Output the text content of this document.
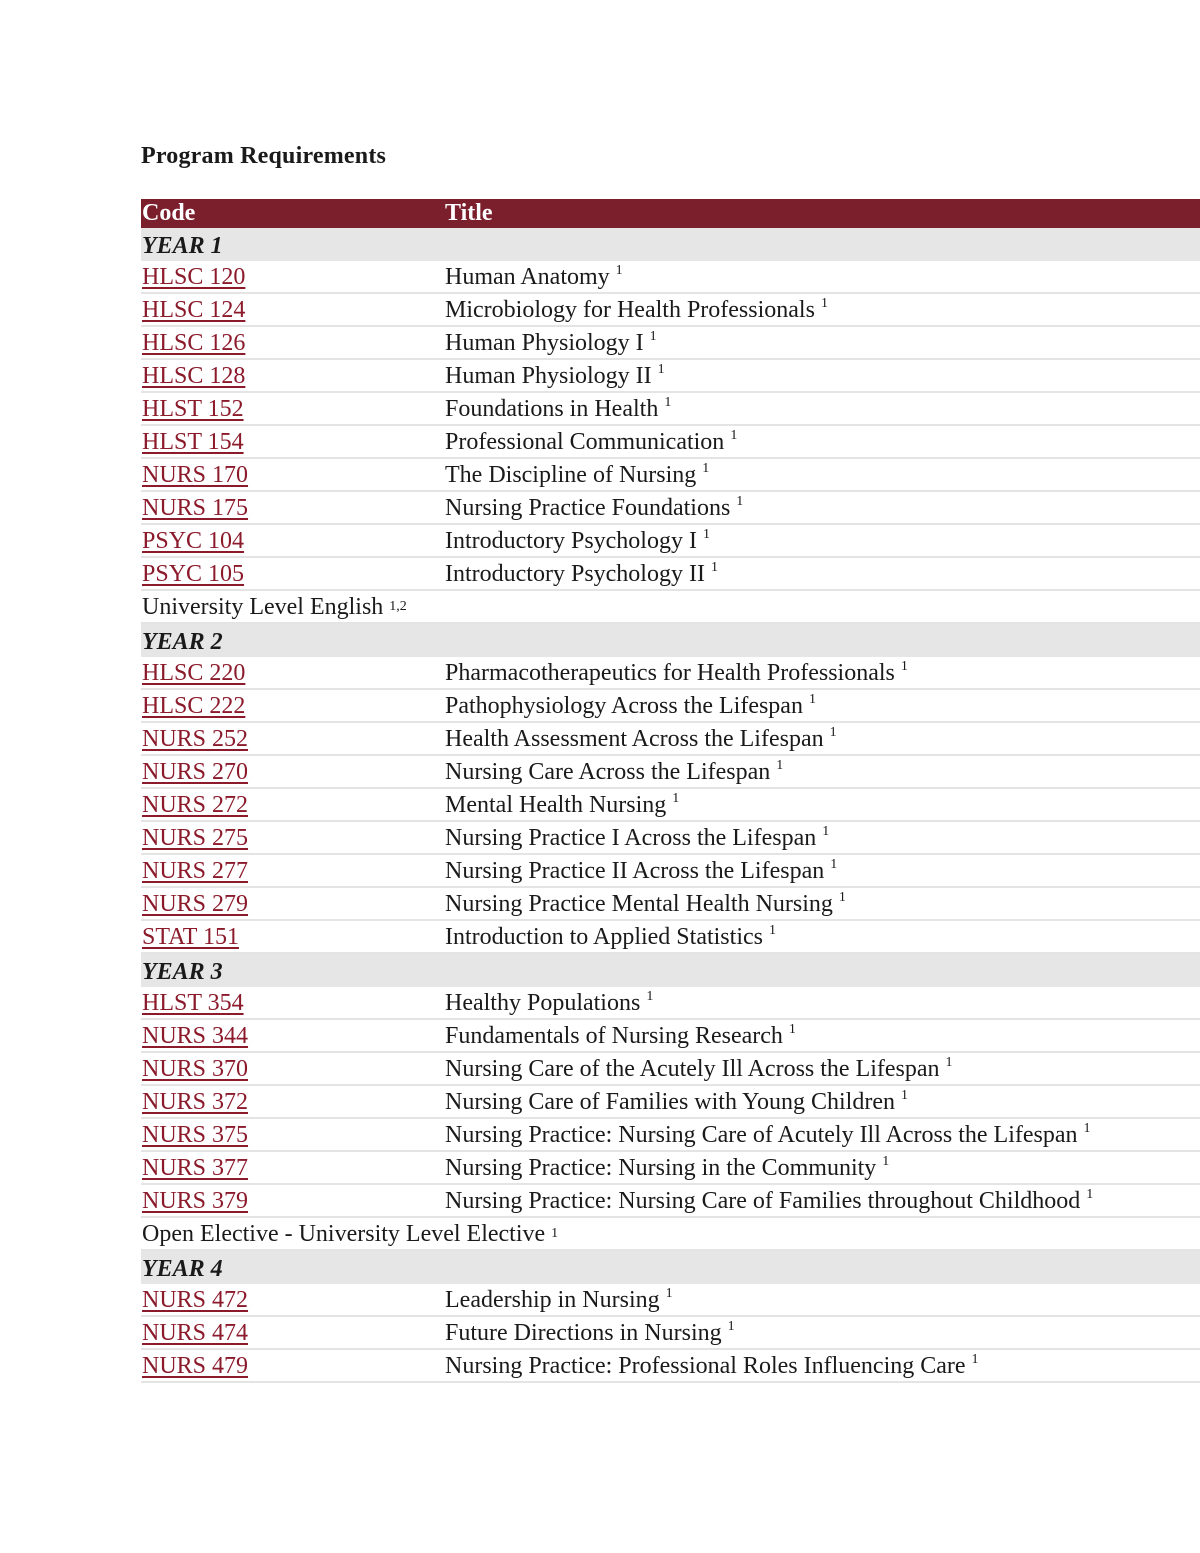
Program Requirements
Code	Title
YEAR 1
HLSC 120	Human Anatomy $^1$
HLSC 124	Microbiology for Health Professionals $^1$
HLSC 126	Human Physiology I $^1$
HLSC 128	Human Physiology II $^1$
HLST 152	Foundations in Health $^1$
HLST 154	Professional Communication $^1$
NURS 170	The Discipline of Nursing $^1$
NURS 175	Nursing Practice Foundations $^1$
PSYC 104	Introductory Psychology I $^1$
PSYC 105	Introductory Psychology II $^1$
University Level English 1,2
YEAR 2
HLSC 220	Pharmacotherapeutics for Health Professionals $^1$
HLSC 222	Pathophysiology Across the Lifespan $^1$
NURS 252	Health Assessment Across the Lifespan $^1$
NURS 270	Nursing Care Across the Lifespan $^1$
NURS 272	Mental Health Nursing $^1$
NURS 275	Nursing Practice I Across the Lifespan $^1$
NURS 277	Nursing Practice II Across the Lifespan $^1$
NURS 279	Nursing Practice Mental Health Nursing $^1$
STAT 151	Introduction to Applied Statistics $^1$
YEAR 3
HLST 354	Healthy Populations $^1$
NURS 344	Fundamentals of Nursing Research $^1$
NURS 370	Nursing Care of the Acutely Ill Across the Lifespan $^1$
NURS 372	Nursing Care of Families with Young Children $^1$
NURS 375	Nursing Practice: Nursing Care of Acutely Ill Across the Lifespan $^1$
NURS 377	Nursing Practice: Nursing in the Community $^1$
NURS 379	Nursing Practice: Nursing Care of Families throughout Childhood $^1$
Open Elective - University Level Elective 1
YEAR 4
NURS 472	Leadership in Nursing $^1$
NURS 474	Future Directions in Nursing $^1$
NURS 479	Nursing Practice: Professional Roles Influencing Care $^1$
